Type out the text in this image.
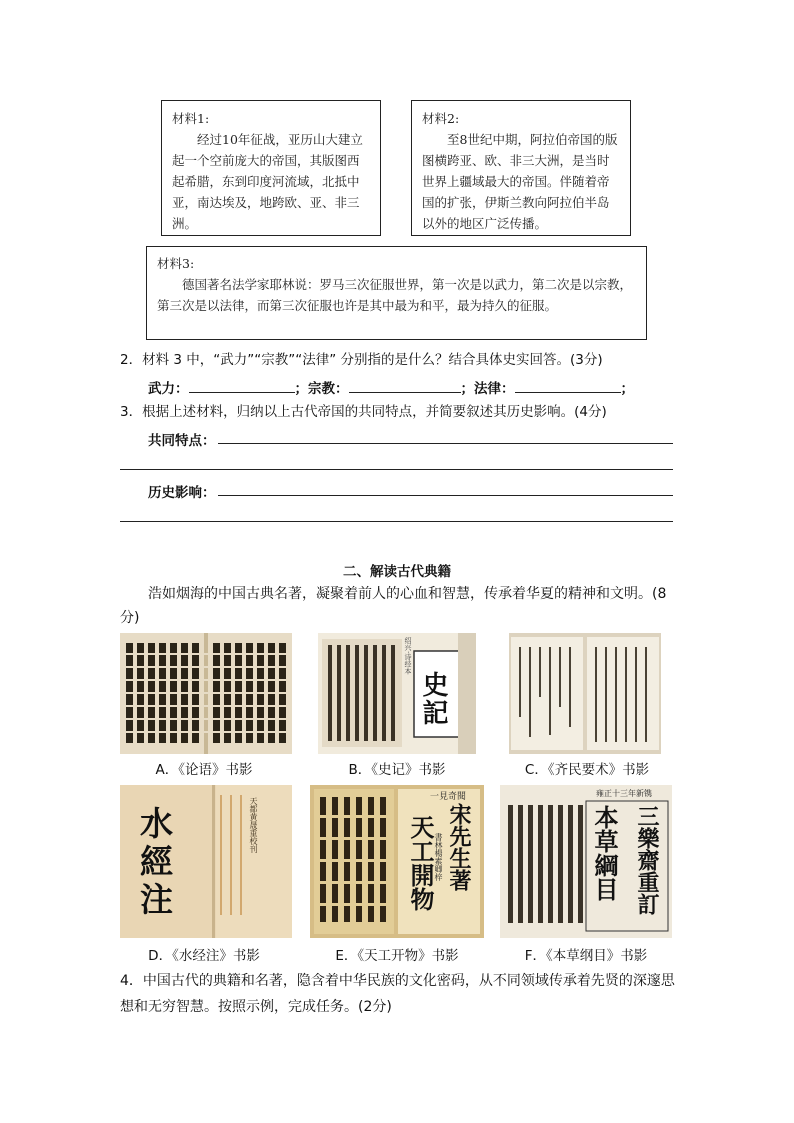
材料1:
经过10年征战，亚历山大建立起一个空前庞大的帝国，其版图西起希腊，东到印度河流域，北抵中亚，南达埃及，地跨欧、亚、非三洲。
材料2:
至8世纪中期，阿拉伯帝国的版图横跨亚、欧、非三大洲，是当时世界上疆域最大的帝国。伴随着帝国的扩张，伊斯兰教向阿拉伯半岛以外的地区广泛传播。
材料3:
德国著名法学家耶林说：罗马三次征服世界，第一次是以武力，第二次是以宗教，第三次是以法律，而第三次征服也许是其中最为和平，最为持久的征服。
2．材料 3 中，“武力”“宗教”“法律” 分别指的是什么？结合具体史实回答。(3分)
武力：	；宗教：	；法律：	；
3．根据上述材料，归纳以上古代帝国的共同特点，并简要叙述其历史影响。(4分)
共同特点：
历史影响：
二、解读古代典籍
浩如烟海的中国古典名著，凝聚着前人的心血和智慧，传承着华夏的精神和文明。(8分)
A．《论语》书影
史記
绍兴·诗经本
B．《史记》书影	C．《齐民要术》书影
水經注
天都黄晟重校刊
D．《水经注》书影
一見奇閱
宋先生著
天工開物 書林楊素卿梓
E．《天工开物》书影
雍正十三年新镌
本草綱目 三樂齋重訂
F．《本草纲目》书影
4．中国古代的典籍和名著，隐含着中华民族的文化密码，从不同领域传承着先贤的深邃思想和无穷智慧。按照示例，完成任务。(2分)
